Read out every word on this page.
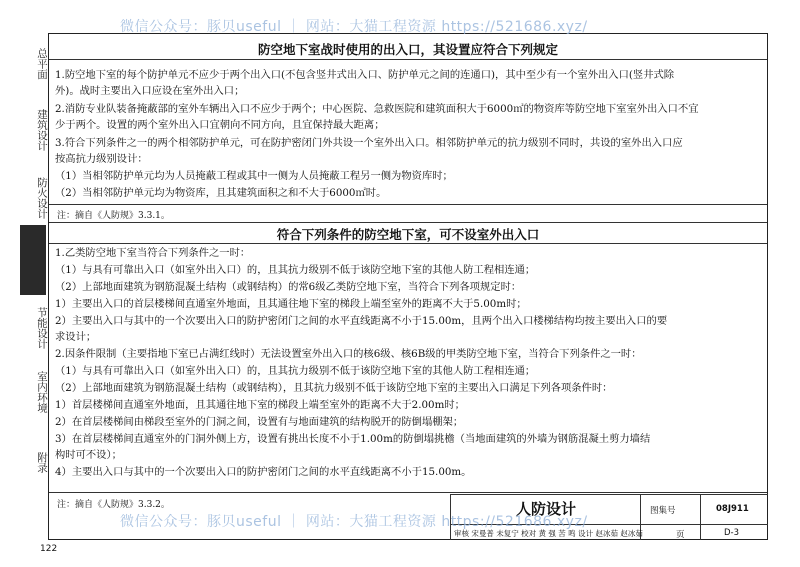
总平面
建筑设计
防火设计
节能设计
室内环境
附录
防空地下室战时使用的出入口，其设置应符合下列规定
1.防空地下室的每个防护单元不应少于两个出入口(不包含竖井式出入口、防护单元之间的连通口)，其中至少有一个室外出入口(竖井式除
外)。战时主要出入口应设在室外出入口；
2.消防专业队装备掩蔽部的室外车辆出入口不应少于两个；中心医院、急救医院和建筑面积大于6000㎡的物资库等防空地下室室外出入口不宜
少于两个。设置的两个室外出入口宜朝向不同方向，且宜保持最大距离；
3.符合下列条件之一的两个相邻防护单元，可在防护密闭门外共设一个室外出入口。相邻防护单元的抗力级别不同时，共设的室外出入口应
按高抗力级别设计：
（1）当相邻防护单元均为人员掩蔽工程或其中一侧为人员掩蔽工程另一侧为物资库时；
（2）当相邻防护单元均为物资库，且其建筑面积之和不大于6000㎡时。
注：摘自《人防规》3.3.1。
符合下列条件的防空地下室，可不设室外出入口
1.乙类防空地下室当符合下列条件之一时：
（1）与具有可靠出入口（如室外出入口）的，且其抗力级别不低于该防空地下室的其他人防工程相连通；
（2）上部地面建筑为钢筋混凝土结构（或钢结构）的常6级乙类防空地下室，当符合下列各项规定时：
1）主要出入口的首层楼梯间直通室外地面，且其通往地下室的梯段上端至室外的距离不大于5.00m时；
2）主要出入口与其中的一个次要出入口的防护密闭门之间的水平直线距离不小于15.00m，且两个出入口楼梯结构均按主要出入口的要
求设计；
2.因条件限制（主要指地下室已占满红线时）无法设置室外出入口的核6级、核6B级的甲类防空地下室，当符合下列条件之一时：
（1）与具有可靠出入口（如室外出入口）的，且其抗力级别不低于该防空地下室的其他人防工程相连通；
（2）上部地面建筑为钢筋混凝土结构（或钢结构），且其抗力级别不低于该防空地下室的主要出入口满足下列各项条件时：
1）首层楼梯间直通室外地面，且其通往地下室的梯段上端至室外的距离不大于2.00m时；
2）在首层楼梯间由梯段至室外的门洞之间，设置有与地面建筑的结构脱开的防倒塌棚架；
3）在首层楼梯间直通室外的门洞外侧上方，设置有挑出长度不小于1.00m的防倒塌挑檐（当地面建筑的外墙为钢筋混凝土剪力墙结
构时可不设）；
4）主要出入口与其中的一个次要出入口的防护密闭门之间的水平直线距离不小于15.00m。
注：摘自《人防规》3.3.2。	人防设计	图集号	08J911
审核 宋曼普 未复宁 校对 黄 强 苦 鸣 设计 赵冰茹 赵冰茹	页	D-3
122
微信公众号：豚贝useful ｜ 网站：大猫工程资源 https://521686.xyz/
微信公众号：豚贝useful ｜ 网站：大猫工程资源 https://521686.xyz/
